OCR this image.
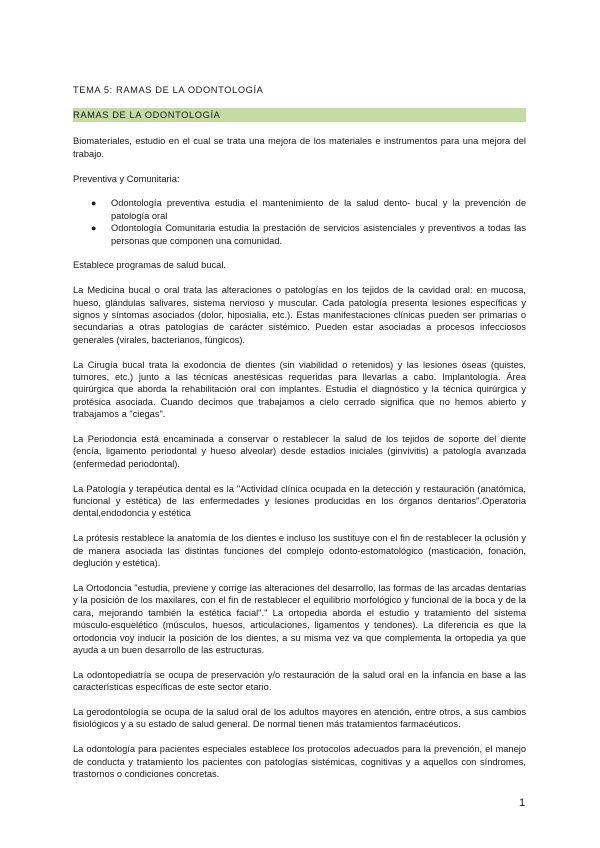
TEMA 5: RAMAS DE LA ODONTOLOGÍA
RAMAS DE LA ODONTOLOGÍA

Biomateriales, estudio en el cual se trata una mejora de los materiales e instrumentos para una mejora del trabajo.

Preventiva y Comunitaria:

● Odontología preventiva estudia el mantenimiento de la salud dento- bucal y la prevención de patología oral
● Odontología Comunitaria estudia la prestación de servicios asistenciales y preventivos a todas las personas que componen una comunidad.

Establece programas de salud bucal.

La Medicina bucal o oral trata las alteraciones o patologías en los tejidos de la cavidad oral: en mucosa, hueso, glándulas salivares, sistema nervioso y muscular. Cada patología presenta lesiones específicas y signos y síntomas asociados (dolor, hiposialia, etc.). Estas manifestaciones clínicas pueden ser primarias o secundarias a otras patologías de carácter sistémico. Pueden estar asociadas a procesos infecciosos generales (virales, bacterianos, fúngicos).

La Cirugía bucal trata la exodoncia de dientes (sin viabilidad o retenidos) y las lesiones óseas (quistes, tumores, etc.) junto a las técnicas anestésicas requeridas para llevarlas a cabo. Implantología. Área quirúrgica que aborda la rehabilitación oral con implantes. Estudia el diagnóstico y la técnica quirúrgica y protésica asociada. Cuando decimos que trabajamos a cielo cerrado significa que no hemos abierto y trabajamos a "ciegas".

La Periodoncia está encaminada a conservar o restablecer la salud de los tejidos de soporte del diente (encía, ligamento periodontal y hueso alveolar) desde estadios iniciales (ginvivitis) a patología avanzada (enfermedad periodontal).

La Patología y terapéutica dental es la "Actividad clínica ocupada en la detección y restauración (anatómica, funcional y estética) de las enfermedades y lesiones producidas en los órganos dentarios".Operatoria dental,endodoncia y estética

La prótesis restablece la anatomía de los dientes e incluso los sustituye con el fin de restablecer la oclusión y de manera asociada las distintas funciones del complejo odonto-estomatológico (masticación, fonación, deglución y estética).

La Ortodoncia "estudia, previene y corrige las alteraciones del desarrollo, las formas de las arcadas dentarias y la posición de los maxilares, con el fin de restablecer el equilibrio morfológico y funcional de la boca y de la cara, mejorando también la estética facial"." La ortopedia aborda el estudio y tratamiento del sistema músculo-esquelético (músculos, huesos, articulaciones, ligamentos y tendones). La diferencia es que la ortodoncia voy inducir la posición de los dientes, a su misma vez va que complementa la ortopedia ya que ayuda a un buen desarrollo de las estructuras.

La odontopediatría se ocupa de preservación y/o restauración de la salud oral en la infancia en base a las características específicas de este sector etario.

La gerodontología se ocupa de la salud oral de los adultos mayores en atención, entre otros, a sus cambios fisiológicos y a su estado de salud general. De normal tienen más tratamientos farmacéuticos.

La odontología para pacientes especiales establece los protocolos adecuados para la prevención, el manejo de conducta y tratamiento los pacientes con patologías sistémicas, cognitivas y a aquellos con síndromes, trastornos o condiciones concretas.

1
